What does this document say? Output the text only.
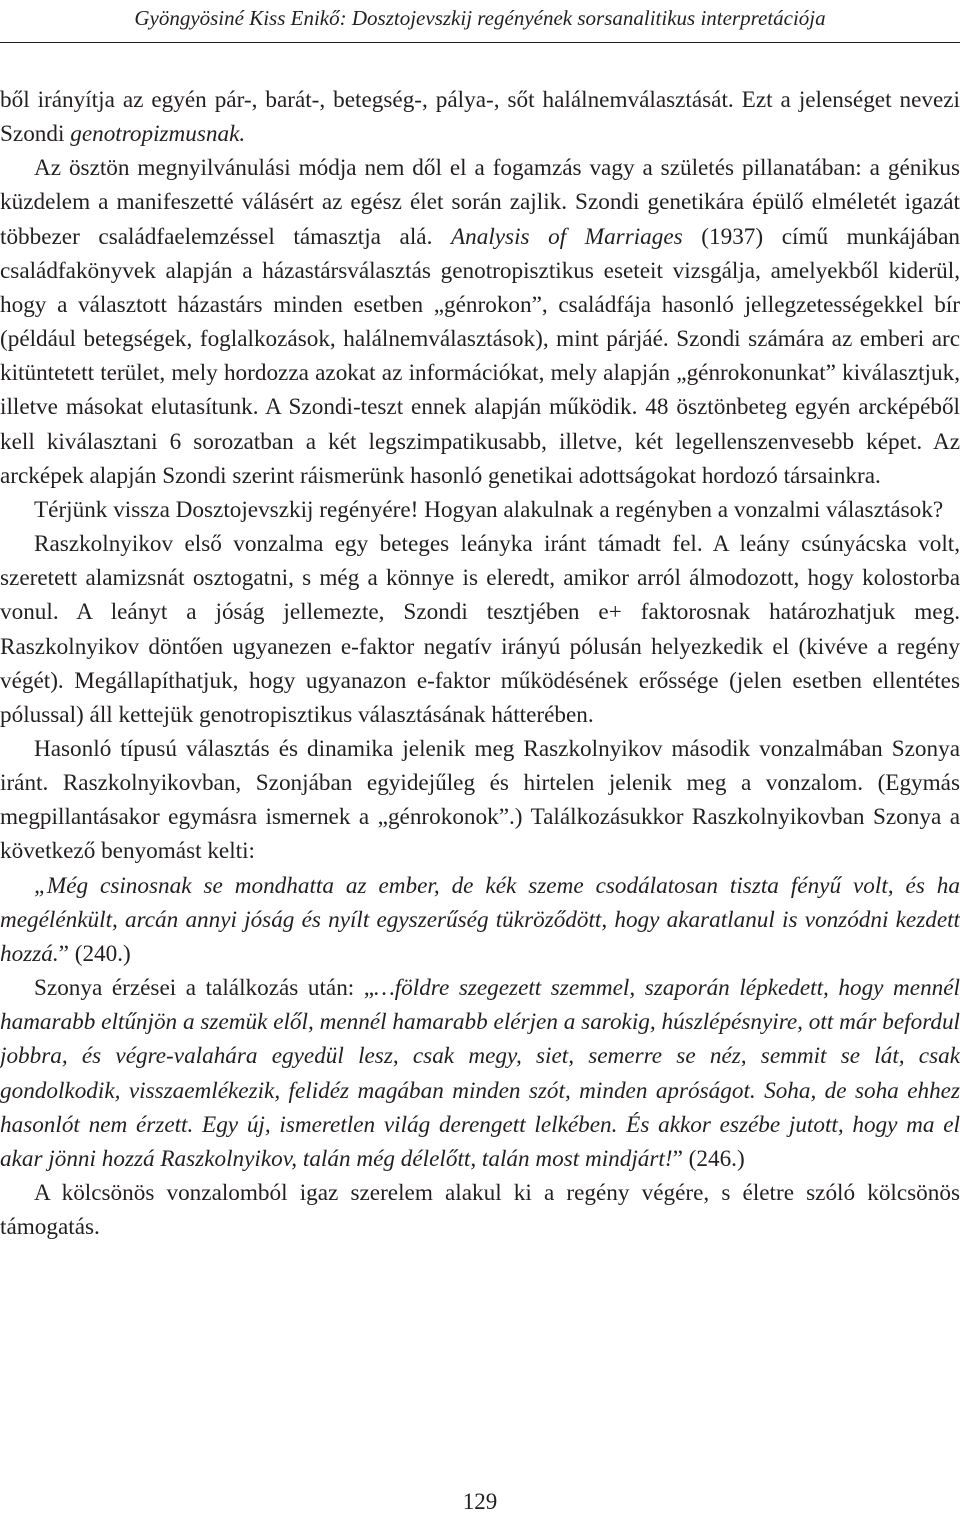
Gyöngyösiné Kiss Enikő: Dosztojevszkij regényének sorsanalitikus interpretációja

ből irányítja az egyén pár-, barát-, betegség-, pálya-, sőt halálnemválasztását. Ezt a jelenséget nevezi Szondi genotropizmusnak.

Az ösztön megnyilvánulási módja nem dől el a fogamzás vagy a születés pillanatában: a génikus küzdelem a manifeszetté válásért az egész élet során zajlik. Szondi genetikára épülő elméletét igazát többezer családfaelemzéssel támasztja alá. Analysis of Marriages (1937) című munkájában családfakönyvek alapján a házastársválasztás genotropisztikus eseteit vizsgálja, amelyekből kiderül, hogy a választott házastárs minden esetben „génrokon”, családfája hasonló jellegzetességekkel bír (például betegségek, foglalkozások, halálnemválasztások), mint párjáé. Szondi számára az emberi arc kitüntetett terület, mely hordozza azokat az információkat, mely alapján „génrokonunkat” kiválasztjuk, illetve másokat elutasítunk. A Szondi-teszt ennek alapján működik. 48 ösztönbeteg egyén arcképéből kell kiválasztani 6 sorozatban a két legszimpatikusabb, illetve, két legellenszenvesebb képet. Az arcképek alapján Szondi szerint ráismerünk hasonló genetikai adottságokat hordozó társainkra.

Térjünk vissza Dosztojevszkij regényére! Hogyan alakulnak a regényben a vonzalmi választások?

Raszkolnyikov első vonzalma egy beteges leányka iránt támadt fel. A leány csúnyácska volt, szeretett alamizsnát osztogatni, s még a könnye is eleredt, amikor arról álmodozott, hogy kolostorba vonul. A leányt a jóság jellemezte, Szondi tesztjében e+ faktorosnak határozhatjuk meg. Raszkolnyikov döntően ugyanezen e-faktor negatív irányú pólusán helyezkedik el (kivéve a regény végét). Megállapíthatjuk, hogy ugyanazon e-faktor működésének erőssége (jelen esetben ellentétes pólussal) áll kettejük genotropisztikus választásának hátterében.

Hasonló típusú választás és dinamika jelenik meg Raszkolnyikov második vonzalmában Szonya iránt. Raszkolnyikovban, Szonjában egyidejűleg és hirtelen jelenik meg a vonzalom. (Egymás megpillantásakor egymásra ismernek a „génrokonok”.) Találkozásukkor Raszkolnyikovban Szonya a következő benyomást kelti:

„Még csinosnak se mondhatta az ember, de kék szeme csodálatosan tiszta fényű volt, és ha megélénkült, arcán annyi jóság és nyílt egyszerűség tükröződött, hogy akaratlanul is vonzódni kezdett hozzá.” (240.)

Szonya érzései a találkozás után: „…földre szegezett szemmel, szaporán lépkedett, hogy mennél hamarabb eltűnjön a szemük elől, mennél hamarabb elérjen a sarokig, húszlépésnyire, ott már befordul jobbra, és végre-valahára egyedül lesz, csak megy, siet, semerre se néz, semmit se lát, csak gondolkodik, visszaemlékezik, felidéz magában minden szót, minden apróságot. Soha, de soha ehhez hasonlót nem érzett. Egy új, ismeretlen világ derengett lelkében. És akkor eszébe jutott, hogy ma el akar jönni hozzá Raszkolnyikov, talán még délelőtt, talán most mindjárt!” (246.)

A kölcsönös vonzalomból igaz szerelem alakul ki a regény végére, s életre szóló kölcsönös támogatás.

129
